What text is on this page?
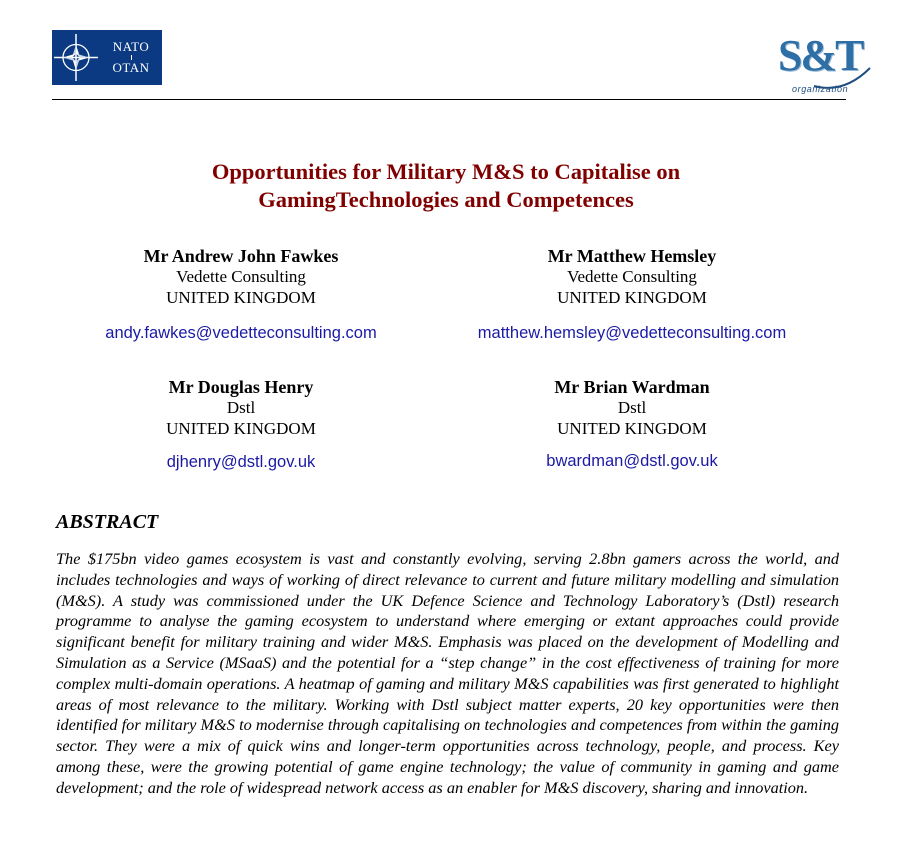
NATO
OTAN	S&T
organization
Opportunities for Military M&S to Capitalise on
GamingTechnologies and Competences
Mr Andrew John Fawkes
Vedette Consulting
UNITED KINGDOM
andy.fawkes@vedetteconsulting.com
Mr Matthew Hemsley
Vedette Consulting
UNITED KINGDOM
matthew.hemsley@vedetteconsulting.com
Mr Douglas Henry
Dstl
UNITED KINGDOM
djhenry@dstl.gov.uk
Mr Brian Wardman
Dstl
UNITED KINGDOM
bwardman@dstl.gov.uk
ABSTRACT
The $175bn video games ecosystem is vast and constantly evolving, serving 2.8bn gamers across the world, and includes technologies and ways of working of direct relevance to current and future military modelling and simulation (M&S). A study was commissioned under the UK Defence Science and Technology Laboratory’s (Dstl) research programme to analyse the gaming ecosystem to understand where emerging or extant approaches could provide significant benefit for military training and wider M&S. Emphasis was placed on the development of Modelling and Simulation as a Service (MSaaS) and the potential for a “step change” in the cost effectiveness of training for more complex multi-domain operations. A heatmap of gaming and military M&S capabilities was first generated to highlight areas of most relevance to the military. Working with Dstl subject matter experts, 20 key opportunities were then identified for military M&S to modernise through capitalising on technologies and competences from within the gaming sector. They were a mix of quick wins and longer-term opportunities across technology, people, and process. Key among these, were the growing potential of game engine technology; the value of community in gaming and game development; and the role of widespread network access as an enabler for M&S discovery, sharing and innovation.
